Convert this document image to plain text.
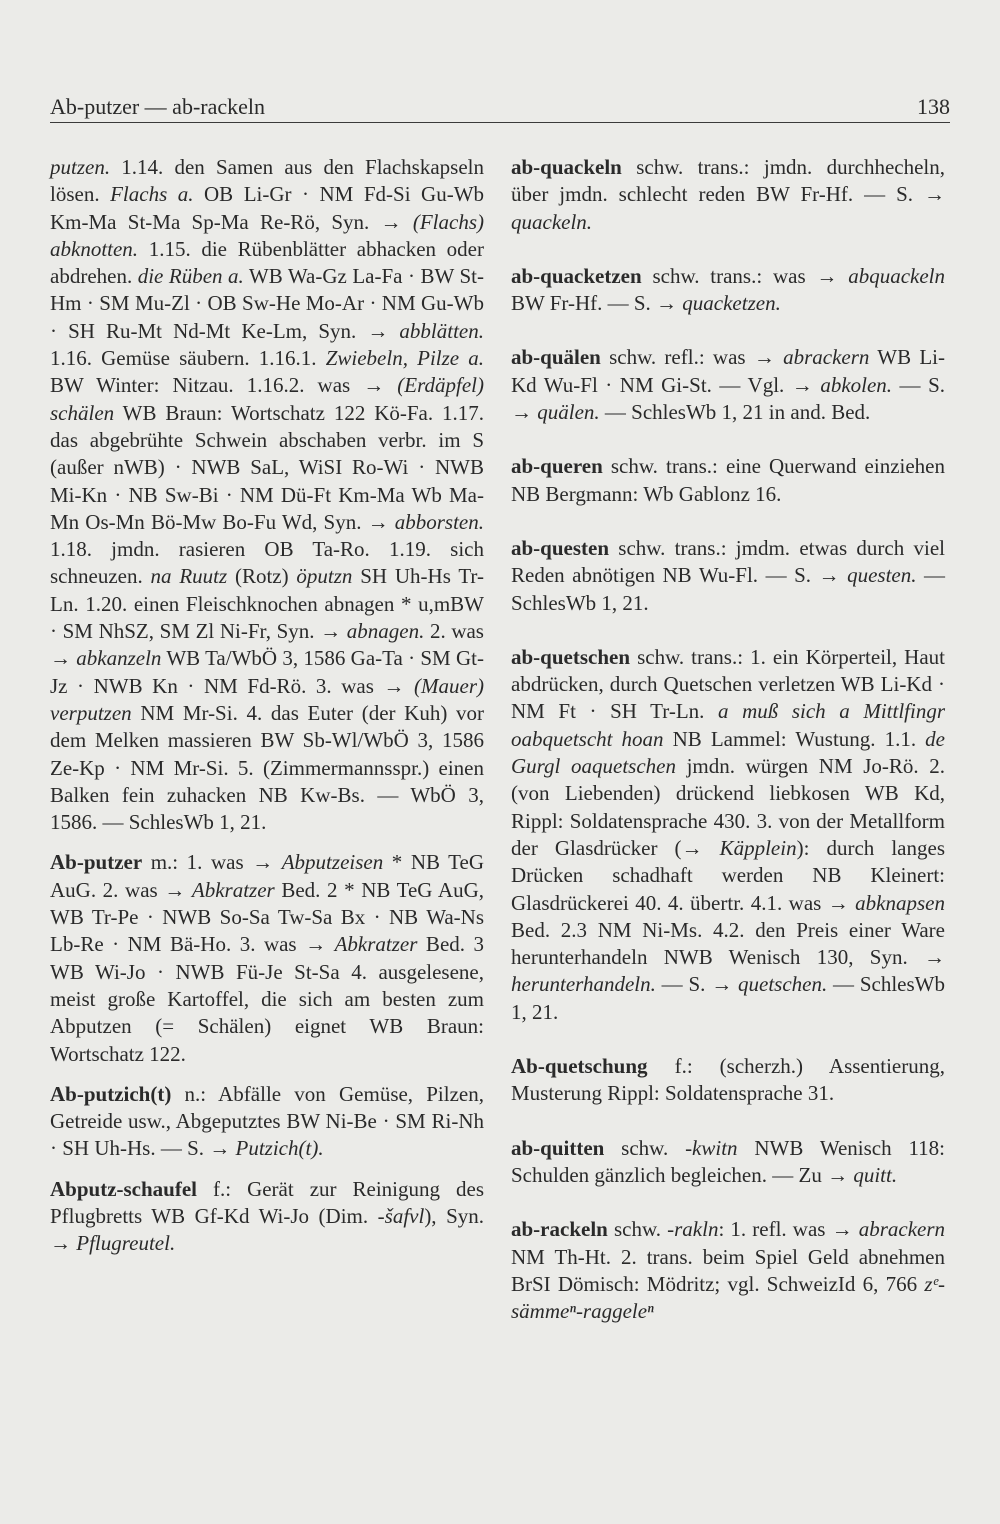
Ab-putzer — ab-rackeln	138

putzen. 1.14. den Samen aus den Flachskapseln lösen. Flachs a. OB Li-Gr · NM Fd-Si Gu-Wb Km-Ma St-Ma Sp-Ma Re-Rö, Syn. → (Flachs) abknotten. 1.15. die Rübenblätter abhacken oder abdrehen. die Rüben a. WB Wa-Gz La-Fa · BW St-Hm · SM Mu-Zl · OB Sw-He Mo-Ar · NM Gu-Wb · SH Ru-Mt Nd-Mt Ke-Lm, Syn. → abblätten. 1.16. Gemüse säubern. 1.16.1. Zwiebeln, Pilze a. BW Winter: Nitzau. 1.16.2. was → (Erdäpfel) schälen WB Braun: Wortschatz 122 Kö-Fa. 1.17. das abgebrühte Schwein abschaben verbr. im S (außer nWB) · NWB SaL, WiSI Ro-Wi · NWB Mi-Kn · NB Sw-Bi · NM Dü-Ft Km-Ma Wb Ma-Mn Os-Mn Bö-Mw Bo-Fu Wd, Syn. → abborsten. 1.18. jmdn. rasieren OB Ta-Ro. 1.19. sich schneuzen. na Ruutz (Rotz) öputzn SH Uh-Hs Tr-Ln. 1.20. einen Fleischknochen abnagen * u,mBW · SM NhSZ, SM Zl Ni-Fr, Syn. → abnagen. 2. was → abkanzeln WB Ta/WbÖ 3, 1586 Ga-Ta · SM Gt-Jz · NWB Kn · NM Fd-Rö. 3. was → (Mauer) verputzen NM Mr-Si. 4. das Euter (der Kuh) vor dem Melken massieren BW Sb-Wl/WbÖ 3, 1586 Ze-Kp · NM Mr-Si. 5. (Zimmermannsspr.) einen Balken fein zuhacken NB Kw-Bs. — WbÖ 3, 1586. — SchlesWb 1, 21.

Ab-putzer m.: 1. was → Abputzeisen * NB TeG AuG. 2. was → Abkratzer Bed. 2 * NB TeG AuG, WB Tr-Pe · NWB So-Sa Tw-Sa Bx · NB Wa-Ns Lb-Re · NM Bä-Ho. 3. was → Abkratzer Bed. 3 WB Wi-Jo · NWB Fü-Je St-Sa 4. ausgelesene, meist große Kartoffel, die sich am besten zum Abputzen (= Schälen) eignet WB Braun: Wortschatz 122.

Ab-putzich(t) n.: Abfälle von Gemüse, Pilzen, Getreide usw., Abgeputztes BW Ni-Be · SM Ri-Nh · SH Uh-Hs. — S. → Putzich(t).

Abputz-schaufel f.: Gerät zur Reinigung des Pflugbretts WB Gf-Kd Wi-Jo (Dim. -šafvl), Syn. → Pflugreutel.

ab-quackeln schw. trans.: jmdn. durchhecheln, über jmdn. schlecht reden BW Fr-Hf. — S. → quackeln.

ab-quacketzen schw. trans.: was → abquackeln BW Fr-Hf. — S. → quacketzen.

ab-quälen schw. refl.: was → abrackern WB Li-Kd Wu-Fl · NM Gi-St. — Vgl. → abkolen. — S. → quälen. — SchlesWb 1, 21 in and. Bed.

ab-queren schw. trans.: eine Querwand einziehen NB Bergmann: Wb Gablonz 16.

ab-questen schw. trans.: jmdm. etwas durch viel Reden abnötigen NB Wu-Fl. — S. → questen. — SchlesWb 1, 21.

ab-quetschen schw. trans.: 1. ein Körperteil, Haut abdrücken, durch Quetschen verletzen WB Li-Kd · NM Ft · SH Tr-Ln. a muß sich a Mittlfingr oabquetscht hoan NB Lammel: Wustung. 1.1. de Gurgl oaquetschen jmdn. würgen NM Jo-Rö. 2. (von Liebenden) drückend liebkosen WB Kd, Rippl: Soldatensprache 430. 3. von der Metallform der Glasdrücker (→ Käpplein): durch langes Drücken schadhaft werden NB Kleinert: Glasdrückerei 40. 4. übertr. 4.1. was → abknapsen Bed. 2.3 NM Ni-Ms. 4.2. den Preis einer Ware herunterhandeln NWB Wenisch 130, Syn. → herunterhandeln. — S. → quetschen. — SchlesWb 1, 21.

Ab-quetschung f.: (scherzh.) Assentierung, Musterung Rippl: Soldatensprache 31.

ab-quitten schw. -kwitn NWB Wenisch 118: Schulden gänzlich begleichen. — Zu → quitt.

ab-rackeln schw. -rakln: 1. refl. was → abrackern NM Th-Ht. 2. trans. beim Spiel Geld abnehmen BrSI Dömisch: Mödritz; vgl. SchweizId 6, 766 zᵉ-sämmeⁿ-raggeleⁿ
